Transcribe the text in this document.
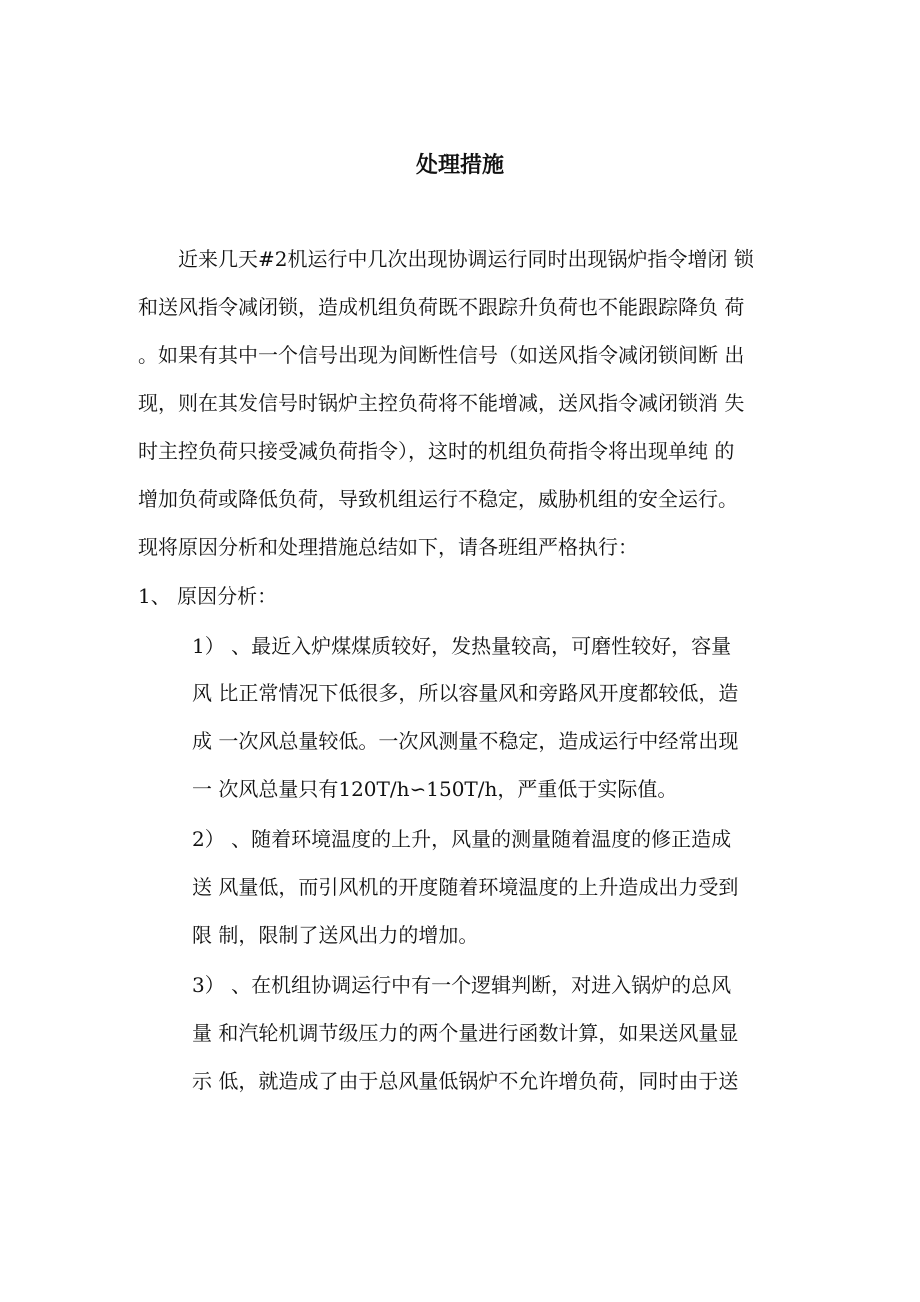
处理措施

近来几天#2机运行中几次出现协调运行同时出现锅炉指令增闭 锁

和送风指令减闭锁，造成机组负荷既不跟踪升负荷也不能跟踪降负 荷

。如果有其中一个信号出现为间断性信号（如送风指令减闭锁间断 出

现，则在其发信号时锅炉主控负荷将不能增减，送风指令减闭锁消 失

时主控负荷只接受减负荷指令），这时的机组负荷指令将出现单纯 的

增加负荷或降低负荷，导致机组运行不稳定，威胁机组的安全运行。

现将原因分析和处理措施总结如下，请各班组严格执行：

1、 原因分析：

1） 、最近入炉煤煤质较好，发热量较高，可磨性较好，容量

风 比正常情况下低很多，所以容量风和旁路风开度都较低，造

成 一次风总量较低。一次风测量不稳定，造成运行中经常出现

一 次风总量只有120T/h∽150T/h，严重低于实际值。

2） 、随着环境温度的上升，风量的测量随着温度的修正造成

送 风量低，而引风机的开度随着环境温度的上升造成出力受到

限 制，限制了送风出力的增加。

3） 、在机组协调运行中有一个逻辑判断，对进入锅炉的总风

量 和汽轮机调节级压力的两个量进行函数计算，如果送风量显

示 低，就造成了由于总风量低锅炉不允许增负荷，同时由于送
